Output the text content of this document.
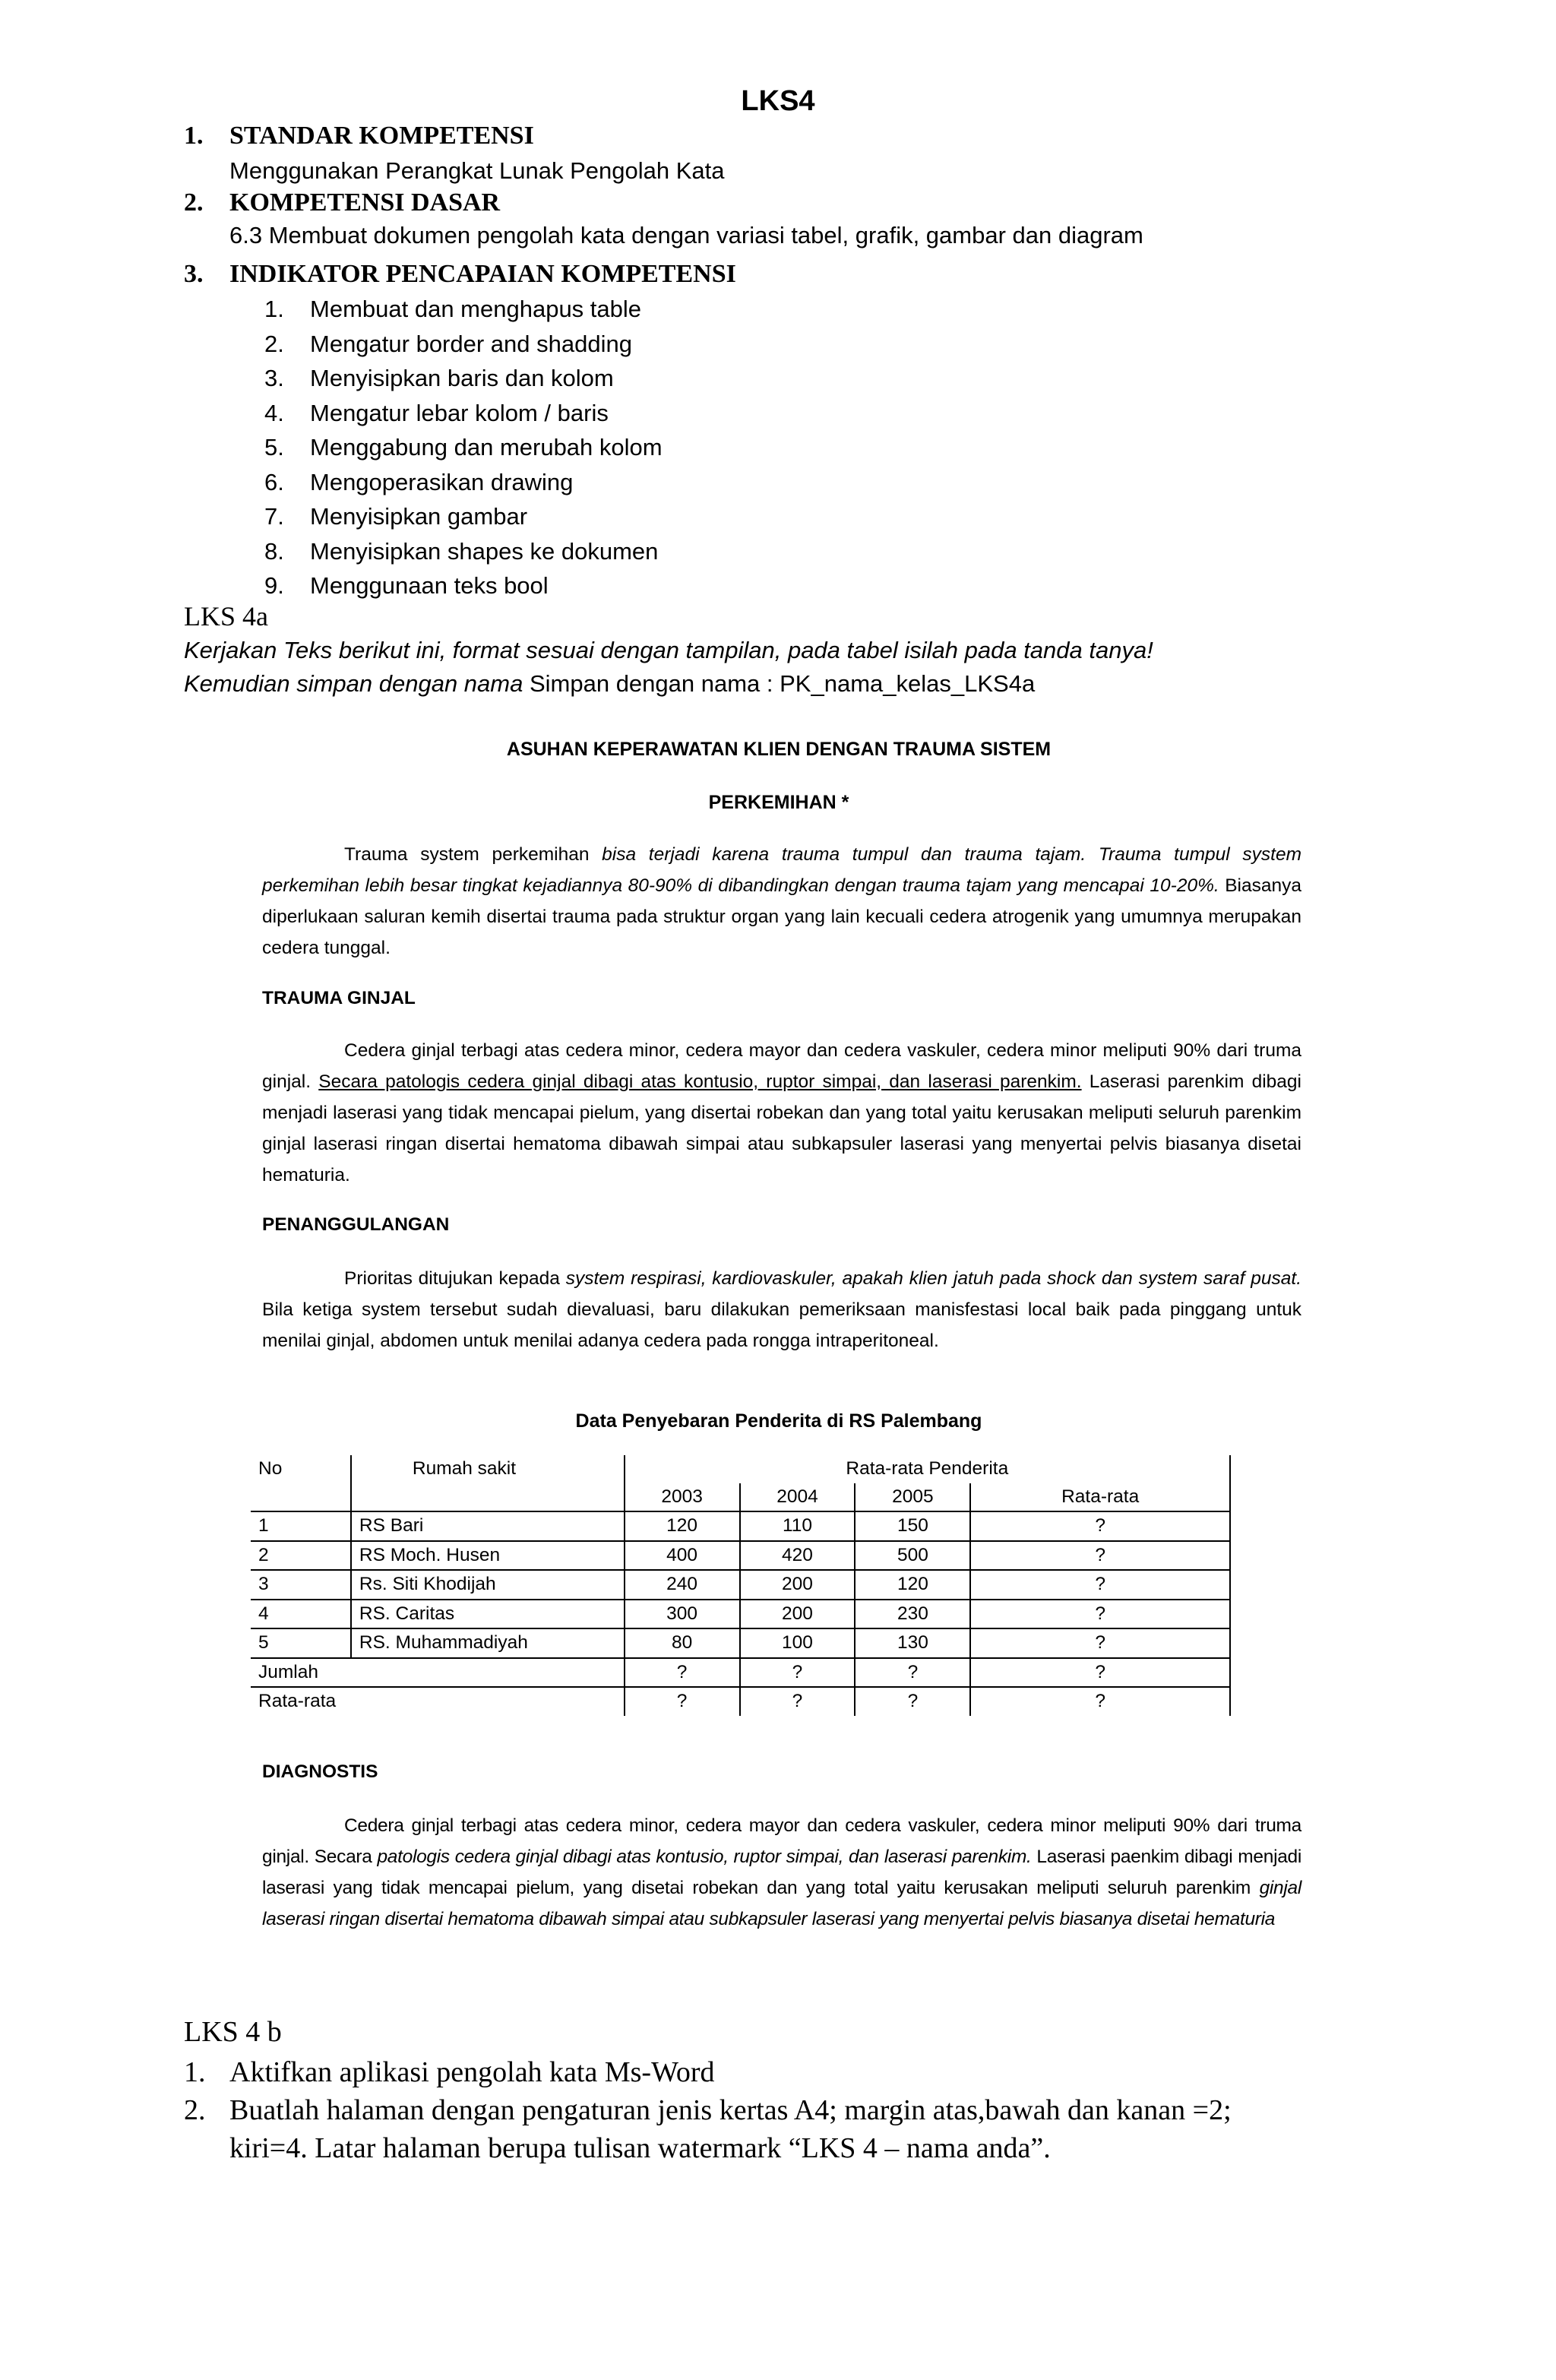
LKS4
1. STANDAR KOMPETENSI
Menggunakan Perangkat Lunak Pengolah Kata
2. KOMPETENSI DASAR
6.3 Membuat dokumen pengolah kata dengan variasi tabel, grafik, gambar dan diagram
3. INDIKATOR PENCAPAIAN KOMPETENSI
1. Membuat dan menghapus table
2. Mengatur border and shadding
3. Menyisipkan baris dan kolom
4. Mengatur lebar kolom / baris
5. Menggabung dan merubah kolom
6. Mengoperasikan drawing
7. Menyisipkan gambar
8. Menyisipkan shapes ke dokumen
9. Menggunaan teks bool
LKS 4a
Kerjakan Teks berikut ini, format sesuai dengan tampilan, pada tabel isilah pada tanda tanya!
Kemudian simpan dengan nama Simpan dengan nama : PK_nama_kelas_LKS4a
ASUHAN KEPERAWATAN KLIEN DENGAN TRAUMA SISTEM
PERKEMIHAN *
Trauma system perkemihan bisa terjadi karena trauma tumpul dan trauma tajam. Trauma tumpul system perkemihan lebih besar tingkat kejadiannya 80-90% di dibandingkan dengan trauma tajam yang mencapai 10-20%. Biasanya diperlukaan saluran kemih disertai trauma pada struktur organ yang lain kecuali cedera atrogenik yang umumnya merupakan cedera tunggal.
TRAUMA GINJAL
Cedera ginjal terbagi atas cedera minor, cedera mayor dan cedera vaskuler, cedera minor meliputi 90% dari truma ginjal. Secara patologis cedera ginjal dibagi atas kontusio, ruptor simpai, dan laserasi parenkim. Laserasi parenkim dibagi menjadi laserasi yang tidak mencapai pielum, yang disertai robekan dan yang total yaitu kerusakan meliputi seluruh parenkim ginjal laserasi ringan disertai hematoma dibawah simpai atau subkapsuler laserasi yang menyertai pelvis biasanya disetai hematuria.
PENANGGULANGAN
Prioritas ditujukan kepada system respirasi, kardiovaskuler, apakah klien jatuh pada shock dan system saraf pusat. Bila ketiga system tersebut sudah dievaluasi, baru dilakukan pemeriksaan manisfestasi local baik pada pinggang untuk menilai ginjal, abdomen untuk menilai adanya cedera pada rongga intraperitoneal.
Data Penyebaran Penderita di RS Palembang
No	Rumah sakit	Rata-rata Penderita			
		2003	2004	2005	Rata-rata
1	RS Bari	120	110	150	?
2	RS Moch. Husen	400	420	500	?
3	Rs. Siti Khodijah	240	200	120	?
4	RS. Caritas	300	200	230	?
5	RS. Muhammadiyah	80	100	130	?
Jumlah		?	?	?	?
Rata-rata		?	?	?	?
DIAGNOSTIS
Cedera ginjal terbagi atas cedera minor, cedera mayor dan cedera vaskuler, cedera minor meliputi 90% dari truma ginjal. Secara patologis cedera ginjal dibagi atas kontusio, ruptor simpai, dan laserasi parenkim. Laserasi paenkim dibagi menjadi laserasi yang tidak mencapai pielum, yang disetai robekan dan yang total yaitu kerusakan meliputi seluruh parenkim ginjal laserasi ringan disertai hematoma dibawah simpai atau subkapsuler laserasi yang menyertai pelvis biasanya disetai hematuria
LKS 4 b
1. Aktifkan aplikasi pengolah kata Ms-Word
2. Buatlah halaman dengan pengaturan jenis kertas A4; margin atas,bawah dan kanan =2;
kiri=4. Latar halaman berupa tulisan watermark “LKS 4 – nama anda”.
